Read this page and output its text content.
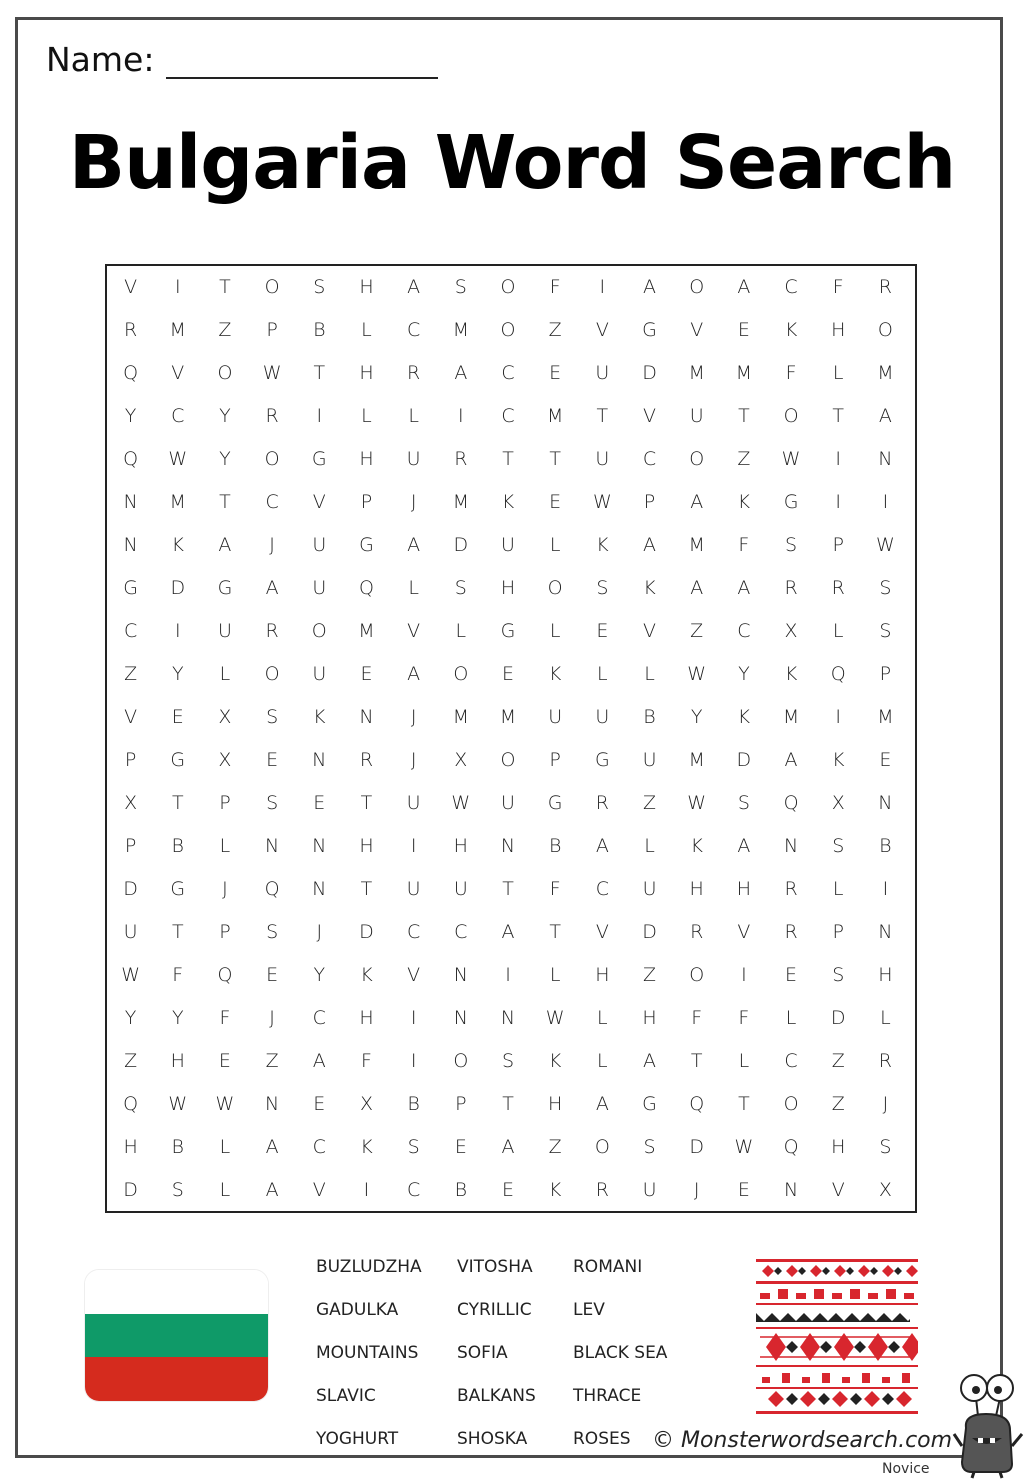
Name:
Bulgaria Word Search
V	I	T	O	S	H	A	S	O	F	I	A	O	A	C	F	R
R	M	Z	P	B	L	C	M	O	Z	V	G	V	E	K	H	O
Q	V	O	W	T	H	R	A	C	E	U	D	M	M	F	L	M
Y	C	Y	R	I	L	L	I	C	M	T	V	U	T	O	T	A
Q	W	Y	O	G	H	U	R	T	T	U	C	O	Z	W	I	N
N	M	T	C	V	P	J	M	K	E	W	P	A	K	G	I	I
N	K	A	J	U	G	A	D	U	L	K	A	M	F	S	P	W
G	D	G	A	U	Q	L	S	H	O	S	K	A	A	R	R	S
C	I	U	R	O	M	V	L	G	L	E	V	Z	C	X	L	S
Z	Y	L	O	U	E	A	O	E	K	L	L	W	Y	K	Q	P
V	E	X	S	K	N	J	M	M	U	U	B	Y	K	M	I	M
P	G	X	E	N	R	J	X	O	P	G	U	M	D	A	K	E
X	T	P	S	E	T	U	W	U	G	R	Z	W	S	Q	X	N
P	B	L	N	N	H	I	H	N	B	A	L	K	A	N	S	B
D	G	J	Q	N	T	U	U	T	F	C	U	H	H	R	L	I
U	T	P	S	J	D	C	C	A	T	V	D	R	V	R	P	N
W	F	Q	E	Y	K	V	N	I	L	H	Z	O	I	E	S	H
Y	Y	F	J	C	H	I	N	N	W	L	H	F	F	L	D	L
Z	H	E	Z	A	F	I	O	S	K	L	A	T	L	C	Z	R
Q	W	W	N	E	X	B	P	T	H	A	G	Q	T	O	Z	J
H	B	L	A	C	K	S	E	A	Z	O	S	D	W	Q	H	S
D	S	L	A	V	I	C	B	E	K	R	U	J	E	N	V	X
BUZLUDZHA
GADULKA
MOUNTAINS
SLAVIC
YOGHURT
VITOSHA
CYRILLIC
SOFIA
BALKANS
SHOSKA
ROMANI
LEV
BLACK SEA
THRACE
ROSES © Monsterwordsearch.com
Novice
